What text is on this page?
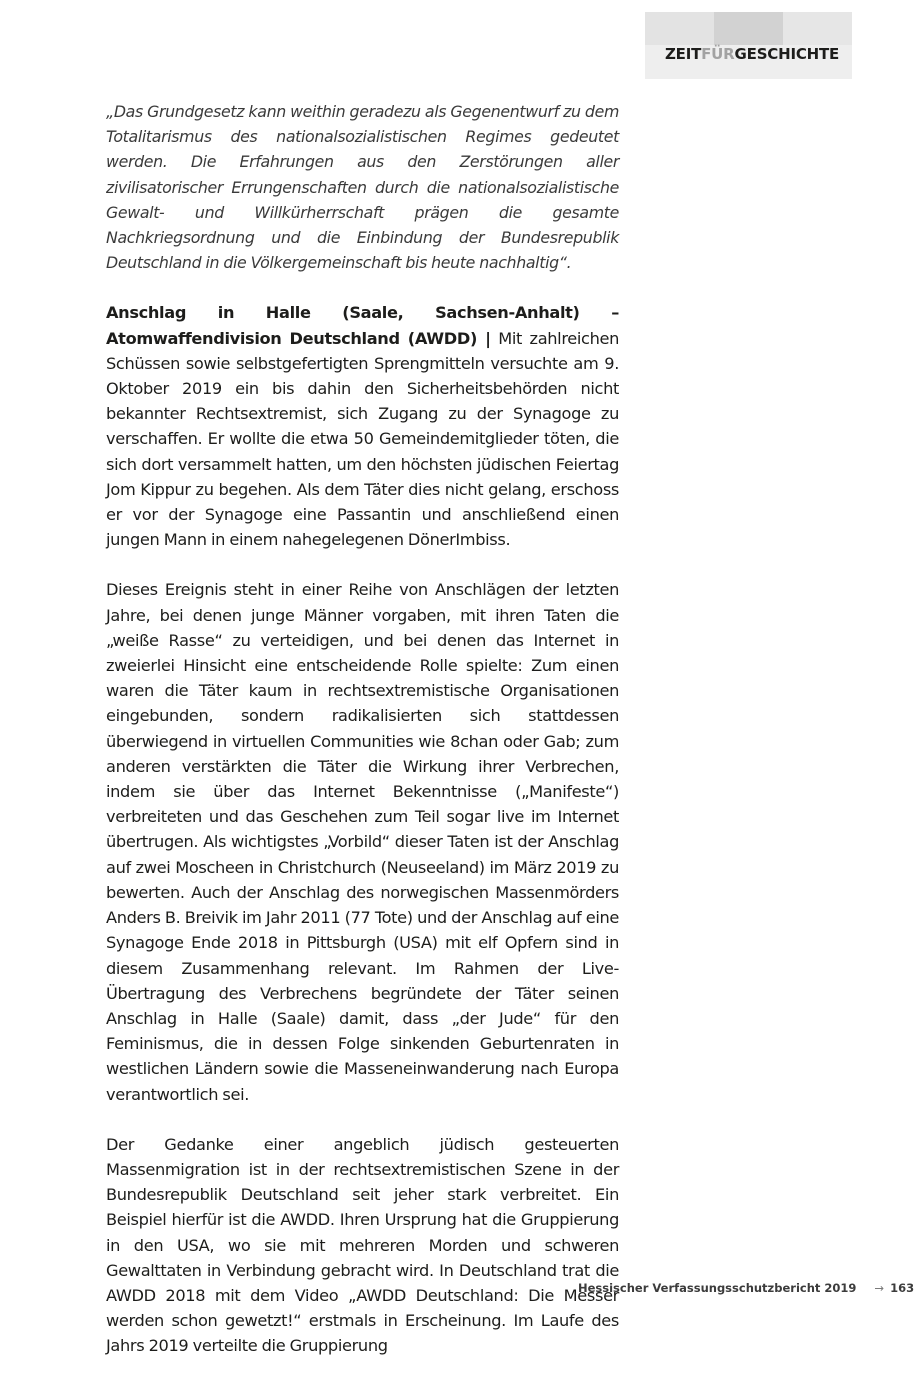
ZEITFÜRGESCHICHTE

„Das Grundgesetz kann weithin geradezu als Gegenentwurf zu dem Totalitarismus des nationalsozialistischen Regimes gedeutet werden. Die Erfahrungen aus den Zerstörungen aller zivilisatorischer Errungenschaften durch die nationalsozialistische Gewalt- und Willkürherrschaft prägen die gesamte Nachkriegsordnung und die Einbindung der Bundesrepublik Deutschland in die Völkergemeinschaft bis heute nachhaltig“.

Anschlag in Halle (Saale, Sachsen-Anhalt) – Atomwaffendivision Deutschland (AWDD) | Mit zahlreichen Schüssen sowie selbstgefertigten Sprengmitteln versuchte am 9. Oktober 2019 ein bis dahin den Sicherheitsbehörden nicht bekannter Rechtsextremist, sich Zugang zu der Synagoge zu verschaffen. Er wollte die etwa 50 Gemeindemitglieder töten, die sich dort versammelt hatten, um den höchsten jüdischen Feiertag Jom Kippur zu begehen. Als dem Täter dies nicht gelang, erschoss er vor der Synagoge eine Passantin und anschließend einen jungen Mann in einem nahegelegenen DönerImbiss.

Dieses Ereignis steht in einer Reihe von Anschlägen der letzten Jahre, bei denen junge Männer vorgaben, mit ihren Taten die „weiße Rasse“ zu verteidigen, und bei denen das Internet in zweierlei Hinsicht eine entscheidende Rolle spielte: Zum einen waren die Täter kaum in rechtsextremistische Organisationen eingebunden, sondern radikalisierten sich stattdessen überwiegend in virtuellen Communities wie 8chan oder Gab; zum anderen verstärkten die Täter die Wirkung ihrer Verbrechen, indem sie über das Internet Bekenntnisse („Manifeste“) verbreiteten und das Geschehen zum Teil sogar live im Internet übertrugen. Als wichtigstes „Vorbild“ dieser Taten ist der Anschlag auf zwei Moscheen in Christchurch (Neuseeland) im März 2019 zu bewerten. Auch der Anschlag des norwegischen Massenmörders Anders B. Breivik im Jahr 2011 (77 Tote) und der Anschlag auf eine Synagoge Ende 2018 in Pittsburgh (USA) mit elf Opfern sind in diesem Zusammenhang relevant. Im Rahmen der Live-Übertragung des Verbrechens begründete der Täter seinen Anschlag in Halle (Saale) damit, dass „der Jude“ für den Feminismus, die in dessen Folge sinkenden Geburtenraten in westlichen Ländern sowie die Masseneinwanderung nach Europa verantwortlich sei.

Der Gedanke einer angeblich jüdisch gesteuerten Massenmigration ist in der rechtsextremistischen Szene in der Bundesrepublik Deutschland seit jeher stark verbreitet. Ein Beispiel hierfür ist die AWDD. Ihren Ursprung hat die Gruppierung in den USA, wo sie mit mehreren Morden und schweren Gewalttaten in Verbindung gebracht wird. In Deutschland trat die AWDD 2018 mit dem Video „AWDD Deutschland: Die Messer werden schon gewetzt!“ erstmals in Erscheinung. Im Laufe des Jahrs 2019 verteilte die Gruppierung

Hessischer Verfassungsschutzbericht 2019 → 163
